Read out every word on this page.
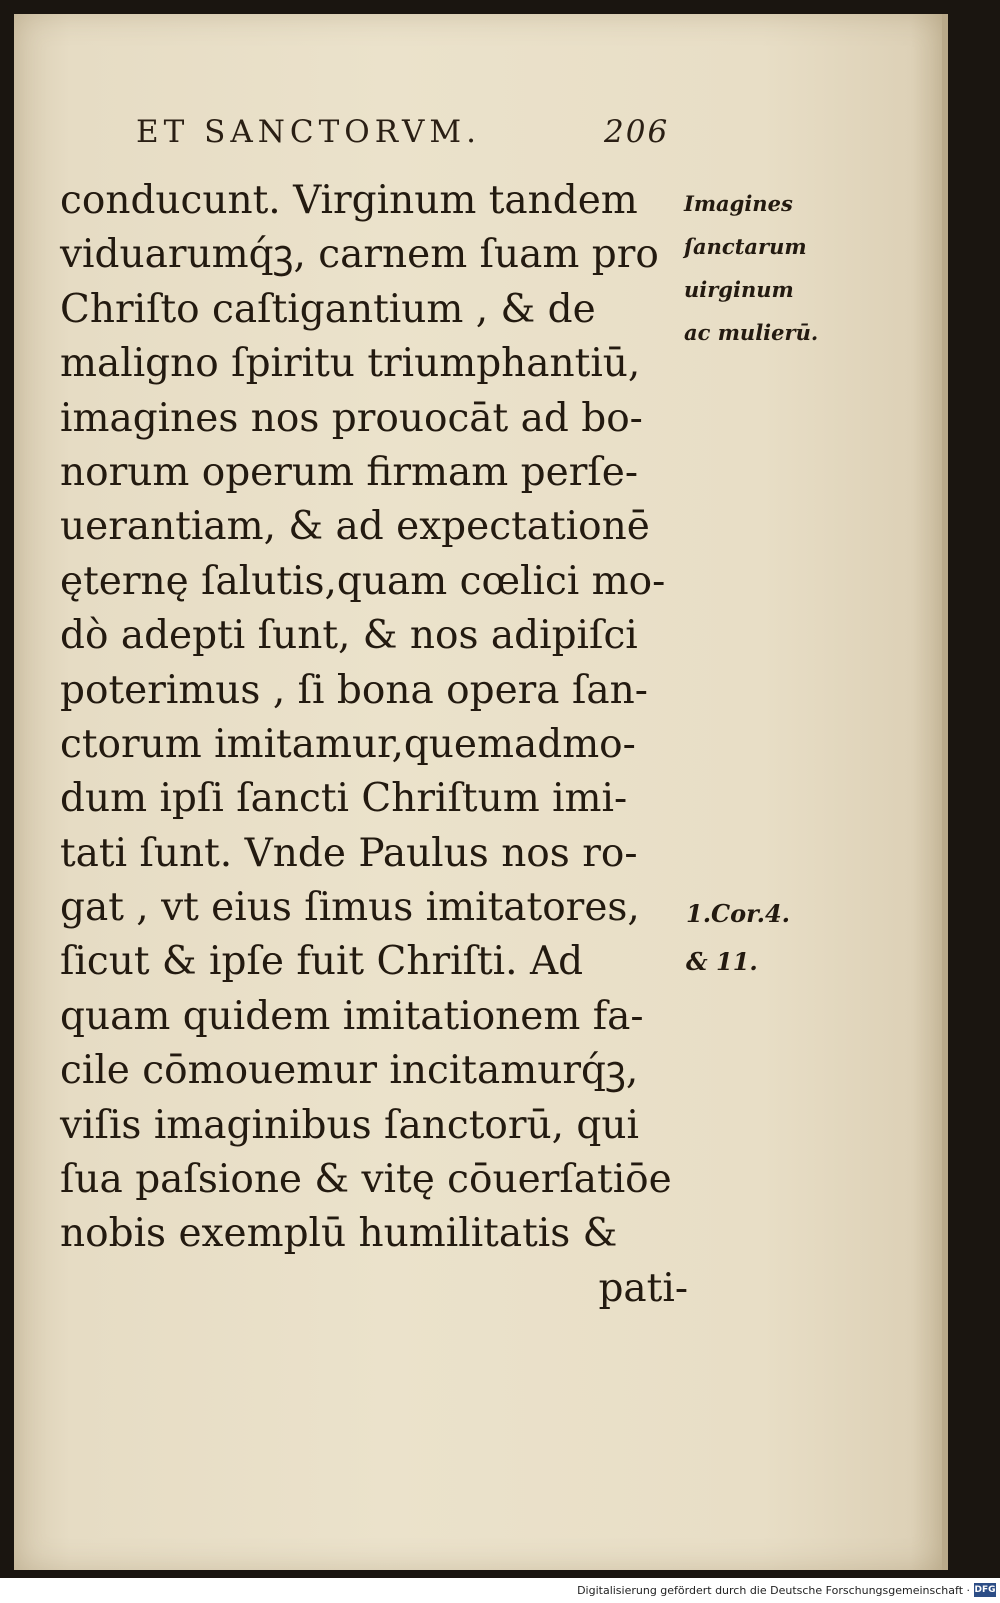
ET SANCTORVM.	206
conducunt. Virginum tandem
viduarumq́ꝫ, carnem ſuam pro
Chriſto caſtigantium , & de
maligno ſpiritu triumphantiū,
imagines nos prouocāt ad bo-
norum operum firmam perſe-
uerantiam, & ad expectationē
ęternę ſalutis,quam cœlici mo-
dò adepti ſunt, & nos adipiſci
poterimus , ſi bona opera ſan-
ctorum imitamur,quemadmo-
dum ipſi ſancti Chriſtum imi-
tati ſunt. Vnde Paulus nos ro-
gat , vt eius ſimus imitatores,
ſicut & ipſe fuit Chriſti. Ad
quam quidem imitationem fa-
cile cōmouemur incitamurq́ꝫ,
viſis imaginibus ſanctorū, qui
ſua paſsione & vitę cōuerſatiōe
nobis exemplū humilitatis &
pati-
Imagines
ſanctarum
uirginum
ac mulierū.
1.Cor.4.
& 11.
Digitalisierung gefördert durch die Deutsche Forschungsgemeinschaft · DFG
